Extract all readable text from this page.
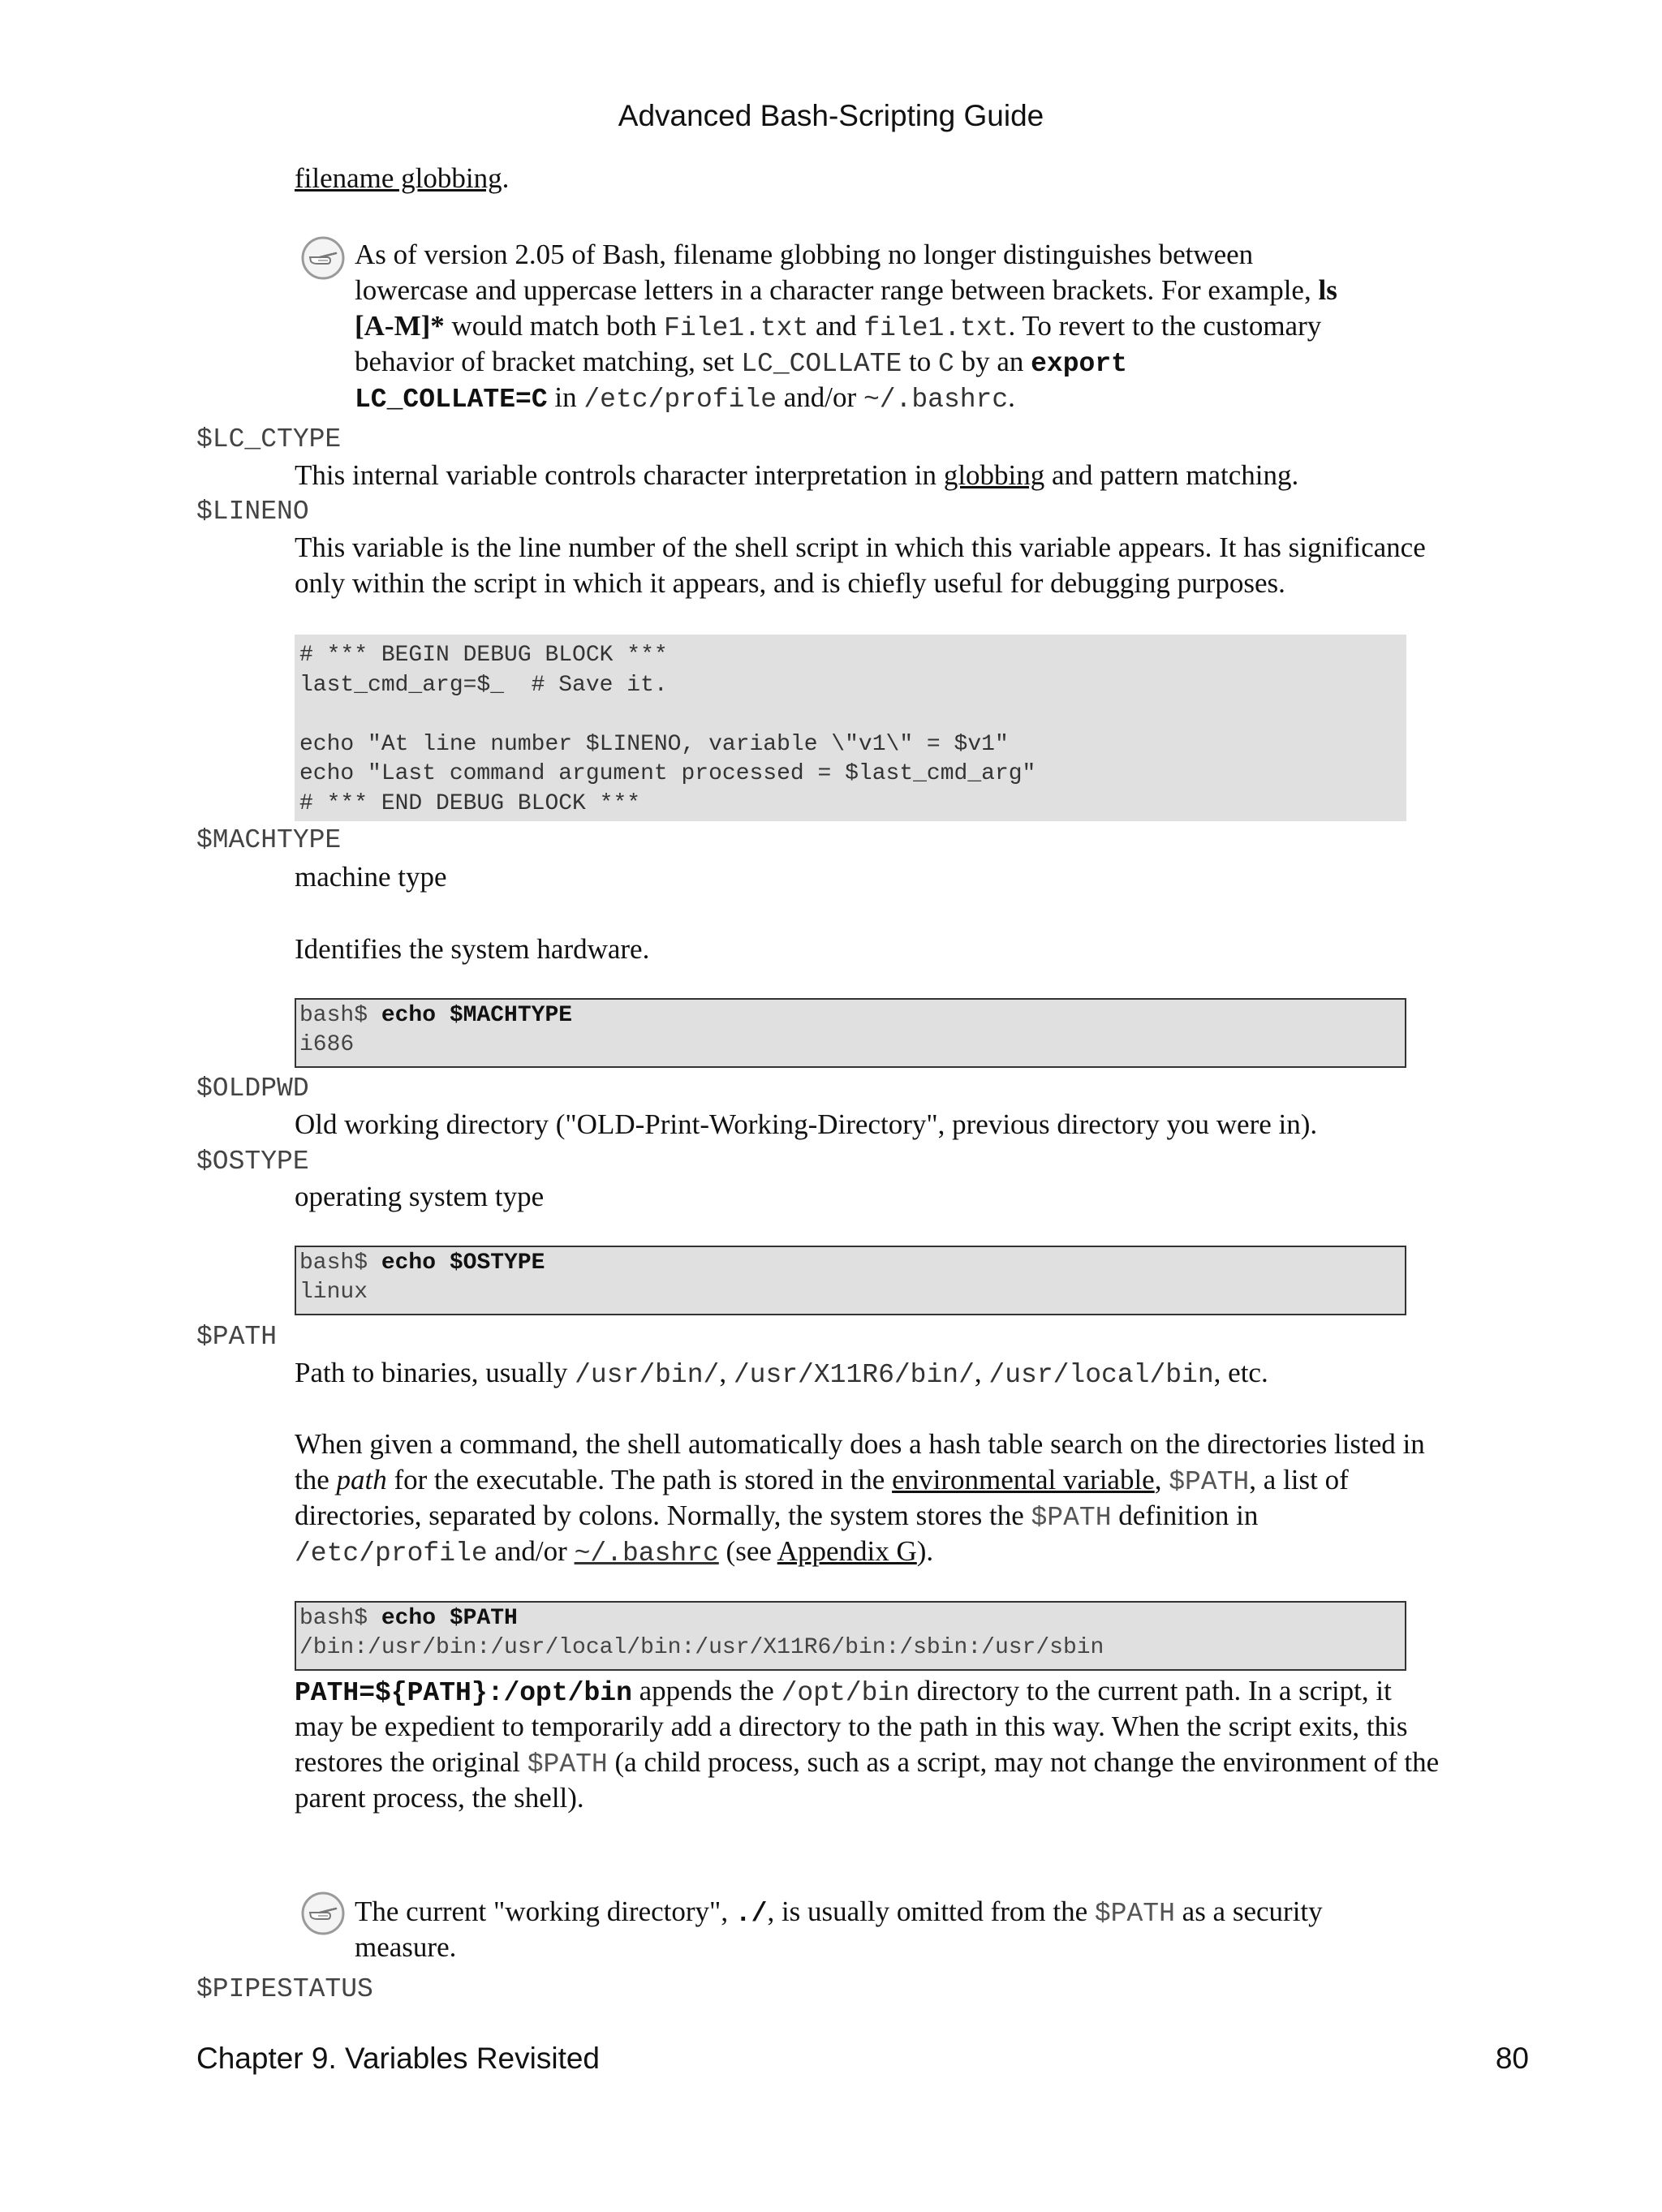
Advanced Bash-Scripting Guide
filename globbing.
As of version 2.05 of Bash, filename globbing no longer distinguishes between
lowercase and uppercase letters in a character range between brackets. For example, ls
[A-M]* would match both File1.txt and file1.txt. To revert to the customary
behavior of bracket matching, set LC_COLLATE to C by an export
LC_COLLATE=C in /etc/profile and/or ~/.bashrc.
$LC_CTYPE
This internal variable controls character interpretation in globbing and pattern matching.
$LINENO
This variable is the line number of the shell script in which this variable appears. It has significance
only within the script in which it appears, and is chiefly useful for debugging purposes.
# *** BEGIN DEBUG BLOCK ***
last_cmd_arg=$_  # Save it.

echo "At line number $LINENO, variable \"v1\" = $v1"
echo "Last command argument processed = $last_cmd_arg"
# *** END DEBUG BLOCK ***
$MACHTYPE
machine type
Identifies the system hardware.
bash$ echo $MACHTYPE
i686
$OLDPWD
Old working directory ("OLD-Print-Working-Directory", previous directory you were in).
$OSTYPE
operating system type
bash$ echo $OSTYPE
linux
$PATH
Path to binaries, usually /usr/bin/, /usr/X11R6/bin/, /usr/local/bin, etc.
When given a command, the shell automatically does a hash table search on the directories listed in
the path for the executable. The path is stored in the environmental variable, $PATH, a list of
directories, separated by colons. Normally, the system stores the $PATH definition in
/etc/profile and/or ~/.bashrc (see Appendix G).
bash$ echo $PATH
/bin:/usr/bin:/usr/local/bin:/usr/X11R6/bin:/sbin:/usr/sbin
PATH=${PATH}:/opt/bin appends the /opt/bin directory to the current path. In a script, it
may be expedient to temporarily add a directory to the path in this way. When the script exits, this
restores the original $PATH (a child process, such as a script, may not change the environment of the
parent process, the shell).
The current "working directory", ./, is usually omitted from the $PATH as a security
measure.
$PIPESTATUS
Chapter 9. Variables Revisited	80
